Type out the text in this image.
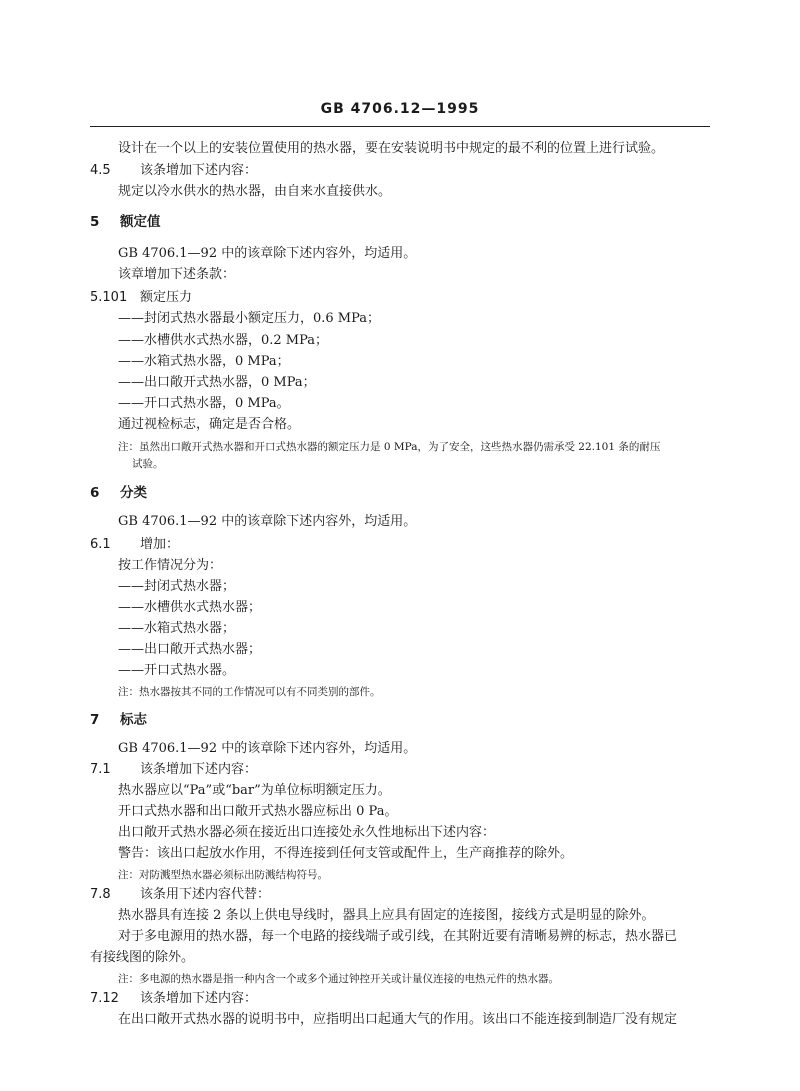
GB 4706.12—1995
设计在一个以上的安装位置使用的热水器，要在安装说明书中规定的最不利的位置上进行试验。
4.5 该条增加下述内容：
规定以冷水供水的热水器，由自来水直接供水。
5 额定值
GB 4706.1—92 中的该章除下述内容外，均适用。
该章增加下述条款：
5.101 额定压力
——封闭式热水器最小额定压力，0.6 MPa；
——水槽供水式热水器，0.2 MPa；
——水箱式热水器，0 MPa；
——出口敞开式热水器，0 MPa；
——开口式热水器，0 MPa。
通过视检标志，确定是否合格。
注：虽然出口敞开式热水器和开口式热水器的额定压力是 0 MPa，为了安全，这些热水器仍需承受 22.101 条的耐压
试验。
6 分类
GB 4706.1—92 中的该章除下述内容外，均适用。
6.1 增加：
按工作情况分为：
——封闭式热水器；
——水槽供水式热水器；
——水箱式热水器；
——出口敞开式热水器；
——开口式热水器。
注：热水器按其不同的工作情况可以有不同类别的部件。
7 标志
GB 4706.1—92 中的该章除下述内容外，均适用。
7.1 该条增加下述内容：
热水器应以“Pa”或“bar”为单位标明额定压力。
开口式热水器和出口敞开式热水器应标出 0 Pa。
出口敞开式热水器必须在接近出口连接处永久性地标出下述内容：
警告：该出口起放水作用，不得连接到任何支管或配件上，生产商推荐的除外。
注：对防溅型热水器必须标出防溅结构符号。
7.8 该条用下述内容代替：
热水器具有连接 2 条以上供电导线时，器具上应具有固定的连接图，接线方式是明显的除外。
对于多电源用的热水器，每一个电路的接线端子或引线，在其附近要有清晰易辨的标志，热水器已
有接线图的除外。
注：多电源的热水器是指一种内含一个或多个通过钟控开关或计量仪连接的电热元件的热水器。
7.12 该条增加下述内容：
在出口敞开式热水器的说明书中，应指明出口起通大气的作用。该出口不能连接到制造厂没有规定
